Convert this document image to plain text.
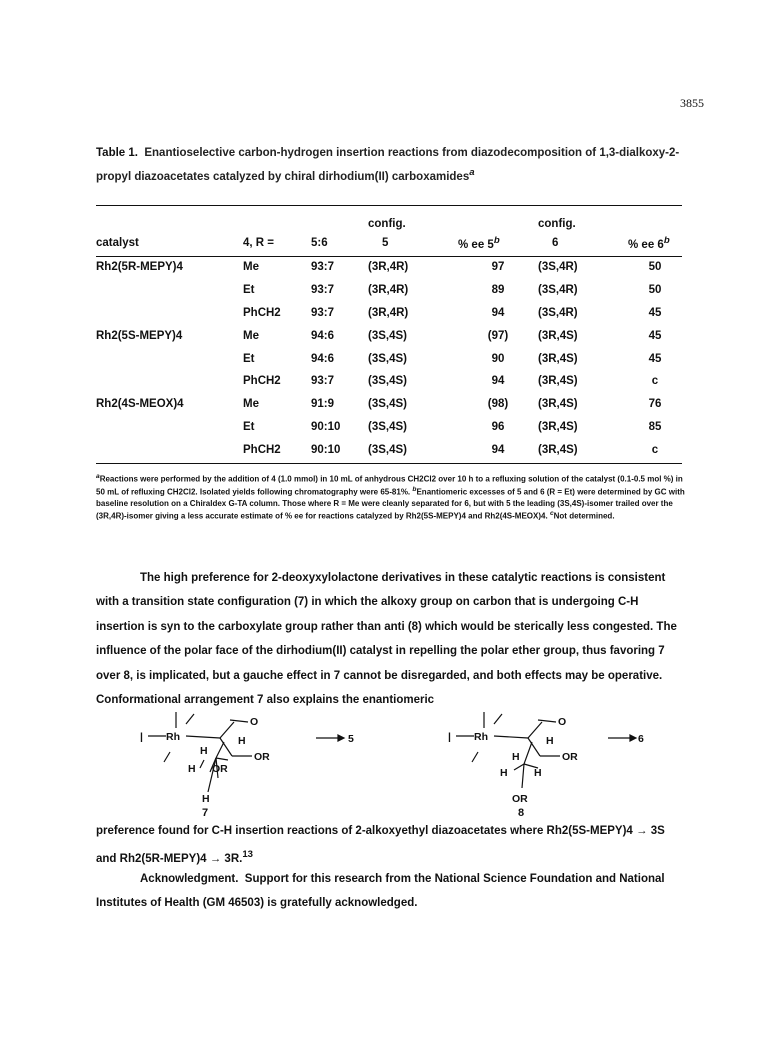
3855
Table 1. Enantioselective carbon-hydrogen insertion reactions from diazodecomposition of 1,3-dialkoxy-2-propyl diazoacetates catalyzed by chiral dirhodium(II) carboxamides$^a$
			config.		config.	
catalyst	4, R =	5:6	5	% ee 5$^b$	6	% ee 6$^b$
Rh2(5R-MEPY)4	Me	93:7	(3R,4R)	97	(3S,4R)	50
	Et	93:7	(3R,4R)	89	(3S,4R)	50
	PhCH2	93:7	(3R,4R)	94	(3S,4R)	45
Rh2(5S-MEPY)4	Me	94:6	(3S,4S)	(97)	(3R,4S)	45
	Et	94:6	(3S,4S)	90	(3R,4S)	45
	PhCH2	93:7	(3S,4S)	94	(3R,4S)	c
Rh2(4S-MEOX)4	Me	91:9	(3S,4S)	(98)	(3R,4S)	76
	Et	90:10	(3S,4S)	96	(3R,4S)	85
	PhCH2	90:10	(3S,4S)	94	(3R,4S)	c
$^a$Reactions were performed by the addition of 4 (1.0 mmol) in 10 mL of anhydrous CH2Cl2 over 10 h to a refluxing solution of the catalyst (0.1-0.5 mol %) in 50 mL of refluxing CH2Cl2. Isolated yields following chromatography were 65-81%. $^b$Enantiomeric excesses of 5 and 6 (R = Et) were determined by GC with baseline resolution on a Chiraldex G-TA column. Those where R = Me were cleanly separated for 6, but with 5 the leading (3S,4S)-isomer trailed over the (3R,4R)-isomer giving a less accurate estimate of % ee for reactions catalyzed by Rh2(5S-MEPY)4 and Rh2(4S-MEOX)4. $^c$Not determined.
The high preference for 2-deoxyxylolactone derivatives in these catalytic reactions is consistent with a transition state configuration (7) in which the alkoxy group on carbon that is undergoing C-H insertion is syn to the carboxylate group rather than anti (8) which would be sterically less congested. The influence of the polar face of the dirhodium(II) catalyst in repelling the polar ether group, thus favoring 7 over 8, is implicated, but a gauche effect in 7 cannot be disregarded, and both effects may be operative. Conformational arrangement 7 also explains the enantiomeric
| Rh
O
H
H	OR
H OR
5
H
7
| Rh
O
H
H	OR
H	H
6
OR
8
preference found for C-H insertion reactions of 2-alkoxyethyl diazoacetates where Rh2(5S-MEPY)4 → 3S and Rh2(5R-MEPY)4 → 3R.$^{13}$
Acknowledgment. Support for this research from the National Science Foundation and National Institutes of Health (GM 46503) is gratefully acknowledged.
